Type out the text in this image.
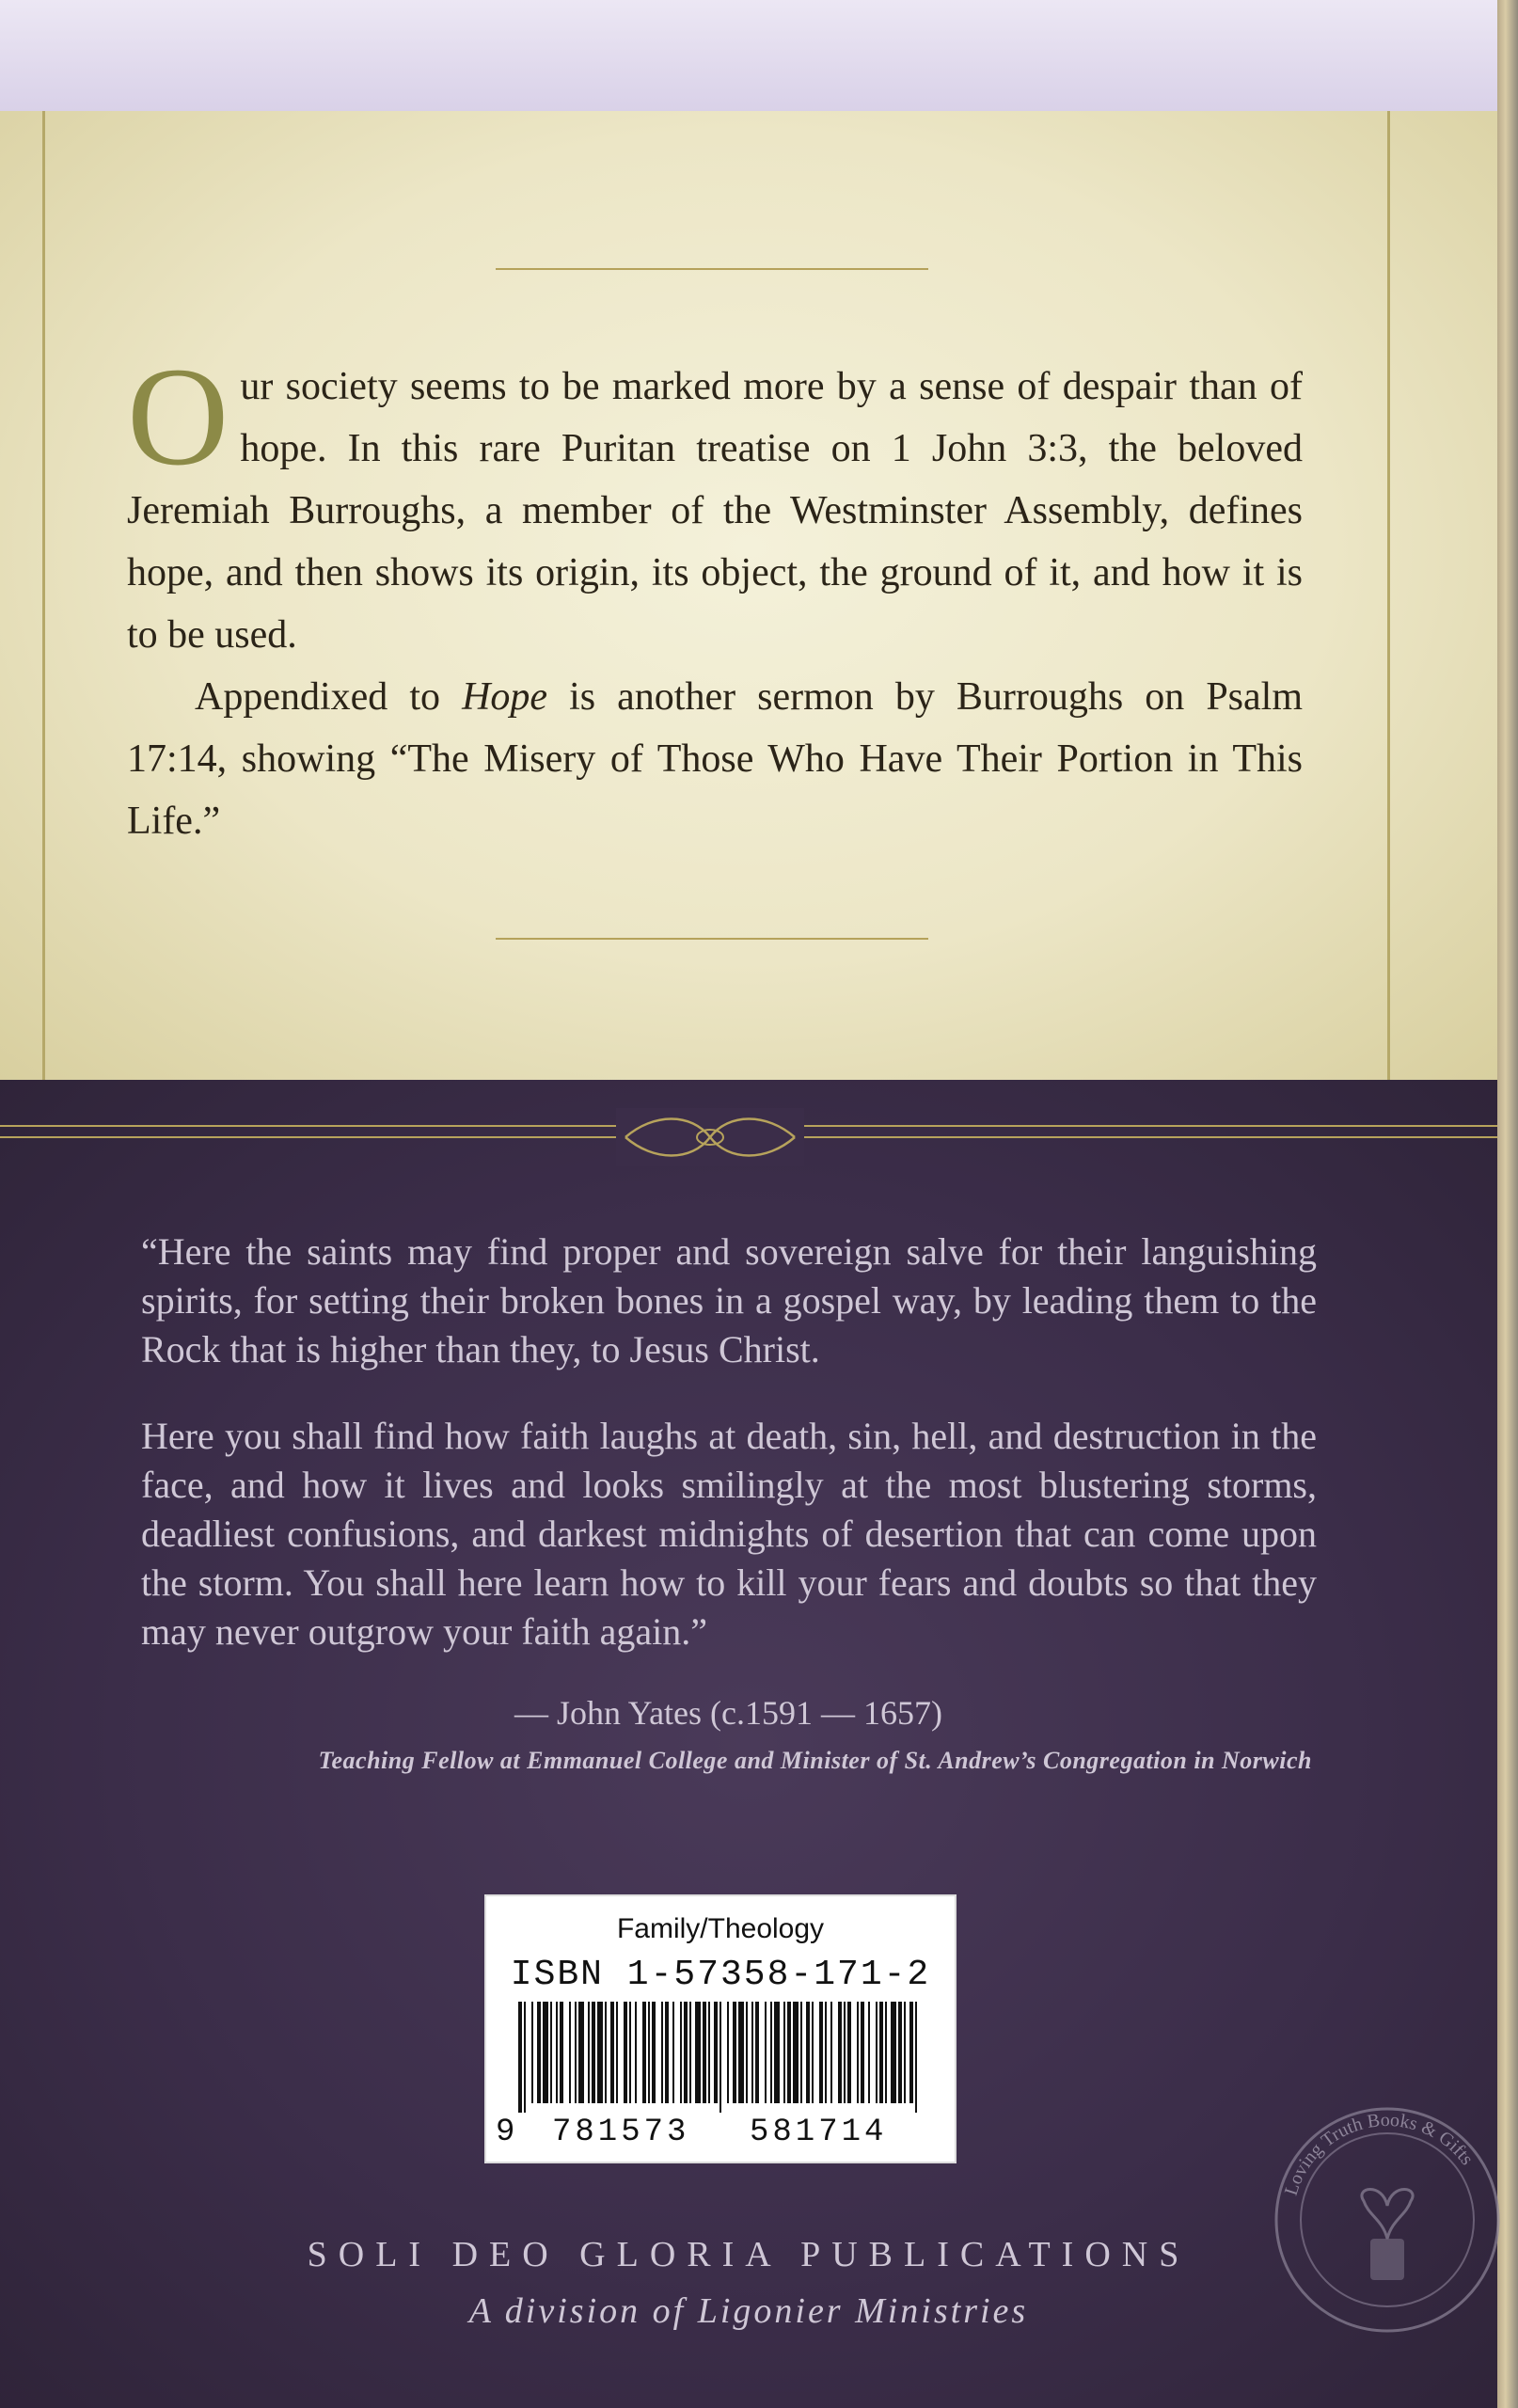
Our society seems to be marked more by a sense of despair than of hope. In this rare Puritan treatise on 1 John 3:3, the beloved Jeremiah Burroughs, a member of the Westminster Assembly, defines hope, and then shows its origin, its object, the ground of it, and how it is to be used.

Appendixed to Hope is another sermon by Burroughs on Psalm 17:14, showing “The Misery of Those Who Have Their Portion in This Life.”

“Here the saints may find proper and sovereign salve for their languishing spirits, for setting their broken bones in a gospel way, by leading them to the Rock that is higher than they, to Jesus Christ.

Here you shall find how faith laughs at death, sin, hell, and destruction in the face, and how it lives and looks smilingly at the most blustering storms, deadliest confusions, and darkest midnights of desertion that can come upon the storm. You shall here learn how to kill your fears and doubts so that they may never outgrow your faith again.”

— John Yates (c.1591 — 1657)
Teaching Fellow at Emmanuel College and Minister of St. Andrew’s Congregation in Norwich
Family/Theology
ISBN 1-57358-171-2
9 781573 581714
SOLI DEO GLORIA PUBLICATIONS
A division of Ligonier Ministries
Loving Truth Books & Gifts
